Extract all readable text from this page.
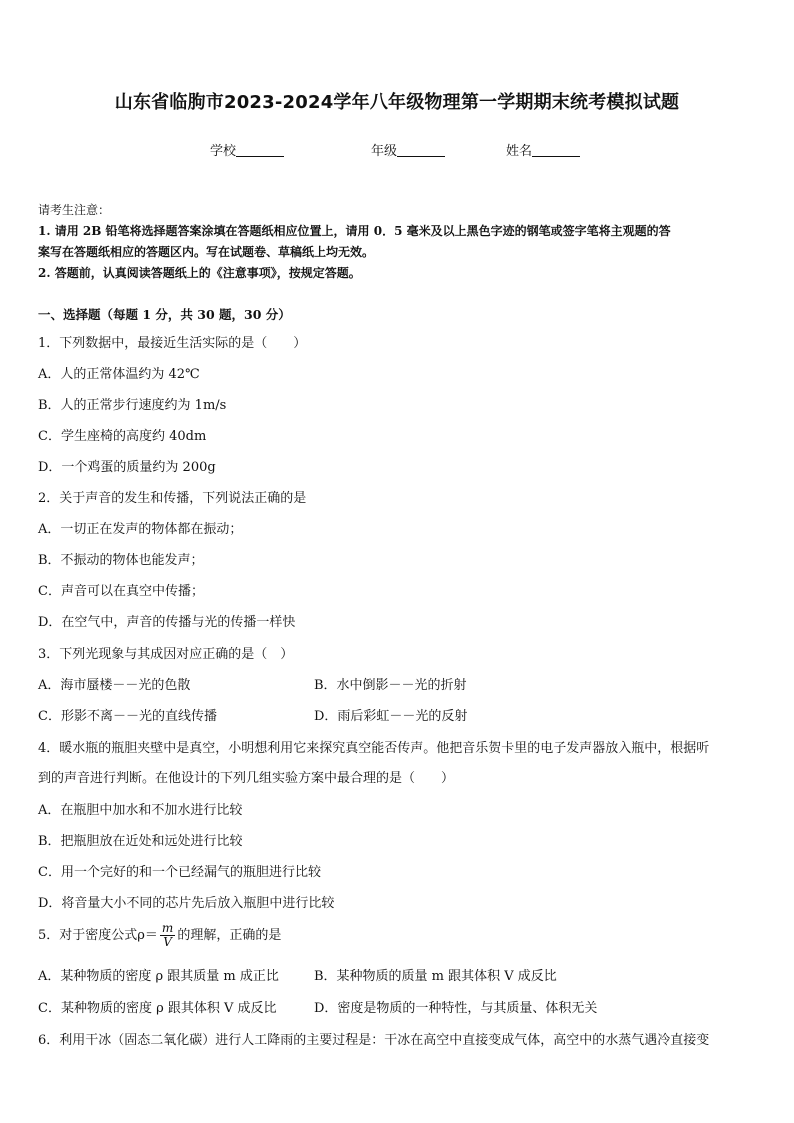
山东省临朐市2023-2024学年八年级物理第一学期期末统考模拟试题
学校	年级	姓名
请考生注意：
1. 请用 2B 铅笔将选择题答案涂填在答题纸相应位置上，请用 0．5 毫米及以上黑色字迹的钢笔或签字笔将主观题的答
案写在答题纸相应的答题区内。写在试题卷、草稿纸上均无效。
2. 答题前，认真阅读答题纸上的《注意事项》，按规定答题。
一、选择题（每题 1 分，共 30 题，30 分）
1．下列数据中，最接近生活实际的是（　　）
A．人的正常体温约为 42℃
B．人的正常步行速度约为 1m/s
C．学生座椅的高度约 40dm
D．一个鸡蛋的质量约为 200g
2．关于声音的发生和传播，下列说法正确的是
A．一切正在发声的物体都在振动；
B．不振动的物体也能发声；
C．声音可以在真空中传播；
D．在空气中，声音的传播与光的传播一样快
3．下列光现象与其成因对应正确的是（　）
A．海市蜃楼－－光的色散	B．水中倒影－－光的折射
C．形影不离－－光的直线传播	D．雨后彩虹－－光的反射
4．暖水瓶的瓶胆夹壁中是真空，小明想利用它来探究真空能否传声。他把音乐贺卡里的电子发声器放入瓶中，根据听
到的声音进行判断。在他设计的下列几组实验方案中最合理的是（　　）
A．在瓶胆中加水和不加水进行比较
B．把瓶胆放在近处和远处进行比较
C．用一个完好的和一个已经漏气的瓶胆进行比较
D．将音量大小不同的芯片先后放入瓶胆中进行比较
5．对于密度公式$\rho= \frac{m}{V}$ 的理解，正确的是
A．某种物质的密度 ρ 跟其质量 m 成正比	B．某种物质的质量 m 跟其体积 V 成反比
C．某种物质的密度 ρ 跟其体积 V 成反比	D．密度是物质的一种特性，与其质量、体积无关
6．利用干冰（固态二氧化碳）进行人工降雨的主要过程是：干冰在高空中直接变成气体，高空中的水蒸气遇冷直接变
